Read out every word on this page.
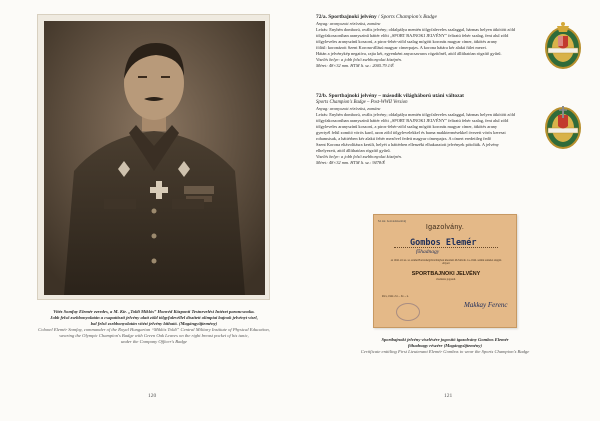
Vitéz Somfay Elemér ezredes, a M. Kir. „Toldi Miklós” Honvéd Központi Testnevelési Intézet parancsnoka.
Jobb felső zsebbonyolatán a csapattiszti jelvény alatt zöld tölgyfalevéllel díszített olimpiai bajnok jelvényt visel,
bal felső zsebbonyolatán vitézi jelvény látható. (Magángyűjtemény)
Colonel Elemér Somfay, commander of the Royal Hungarian “Miklós Toldi” Central Military Institute of Physical Education,
wearing the Olympic Champion's Badge with Green Oak Leaves on the right breast pocket of his tunic,
under the Company Officer's Badge
120
72/a. Sportbajnoki jelvény / Sports Champion's Badge

Anyag: aranyozott réz/ezüst, zománc

Leírás: Enyhén domború, ovális jelvény; oldalpálya mentén tölgyfaleveles szalaggal, hármas helyen átkötött zöld

tölgyfakoszorúban aranyszínű háttér előtt „SPORT BAJNOKI JELVÉNY” feliratú fehér szalag, fent alul zöld

tölgyleveles aranyszínű koszorú, a piros-fehér-zöld szalag mögött koronás magyar címer, átkötés arany

föliül: koronázott Szent Korona-állású magyar címerpajzs. A korona hátára kér alakú fület mezei.

Hátán a jelvénykép negatíva, rajta két, egyenként anyacsavaros rögzítőnél, attól állíthatóan rögzítő gyűrű.

Viselés helye: a jobb felső zsebbonyolat középén.

Méret: 48×32 mm. HTM lt. sz.: 2005.79.1/É

72/b. Sportbajnoki jelvény – második világháború utáni változat

Sports Champion's Badge – Post-WWII Version

Anyag: aranyozott réz/ezüst, zománc

Leírás: Enyhén domború, ovális jelvény; oldalpálya mentén tölgyfaleveles szalaggal, hármas helyen átkötött zöld

tölgyfakoszorúban aranyszínű háttér előtt „SPORT BAJNOKI JELVÉNY” feliratú fehér szalag, fent alul zöld

tölgyleveles aranyszínű koszorú, a piros-fehér-zöld szalag mögött koronás magyar címer, átkötés arany

gyertyél felül zomító vörös kard, azon zöld tölgylevelekkel és barna makktermésekkel övezett vörös kereszt

rohamsisak, a háttérben kér alakú fehér mezővel fedett magyar címerpajzs. A címert eredetileg fedő

Szent Korona eltávolításra került, helyét a háttérben ellenzéki elhakasztott jelvények pótolták. A jelvény

elhelyezett, attól állíthatóan rögzítő gyűrű.

Viselés helye: a jobb felső zsebbonyolat középén.

Méret: 48×32 mm. HTM lt. sz.: 9478/É

M. kir. honvédzászlóalj
Igazolvány.
Gombos Elemér
főhadnagy
az 1942. évi az. sz. számú Honvédségi Közlönyben közzétett 46.342/eln. 1a.-1942. számú rendelet alapján elnyert
SPORTBAJNOKI JELVÉNY
viselésére jogosult.
Pécs, 1942. évi ... hó ... n.
Makkay Ferenc
Sportbajnoki jelvény viselésére jogosító igazolvány Gombos Elemér
főhadnagy részére (Magángyűjtemény)
Certificate entitling First Lieutenant Elemér Gombos to wear the Sports Champion's Badge
121
